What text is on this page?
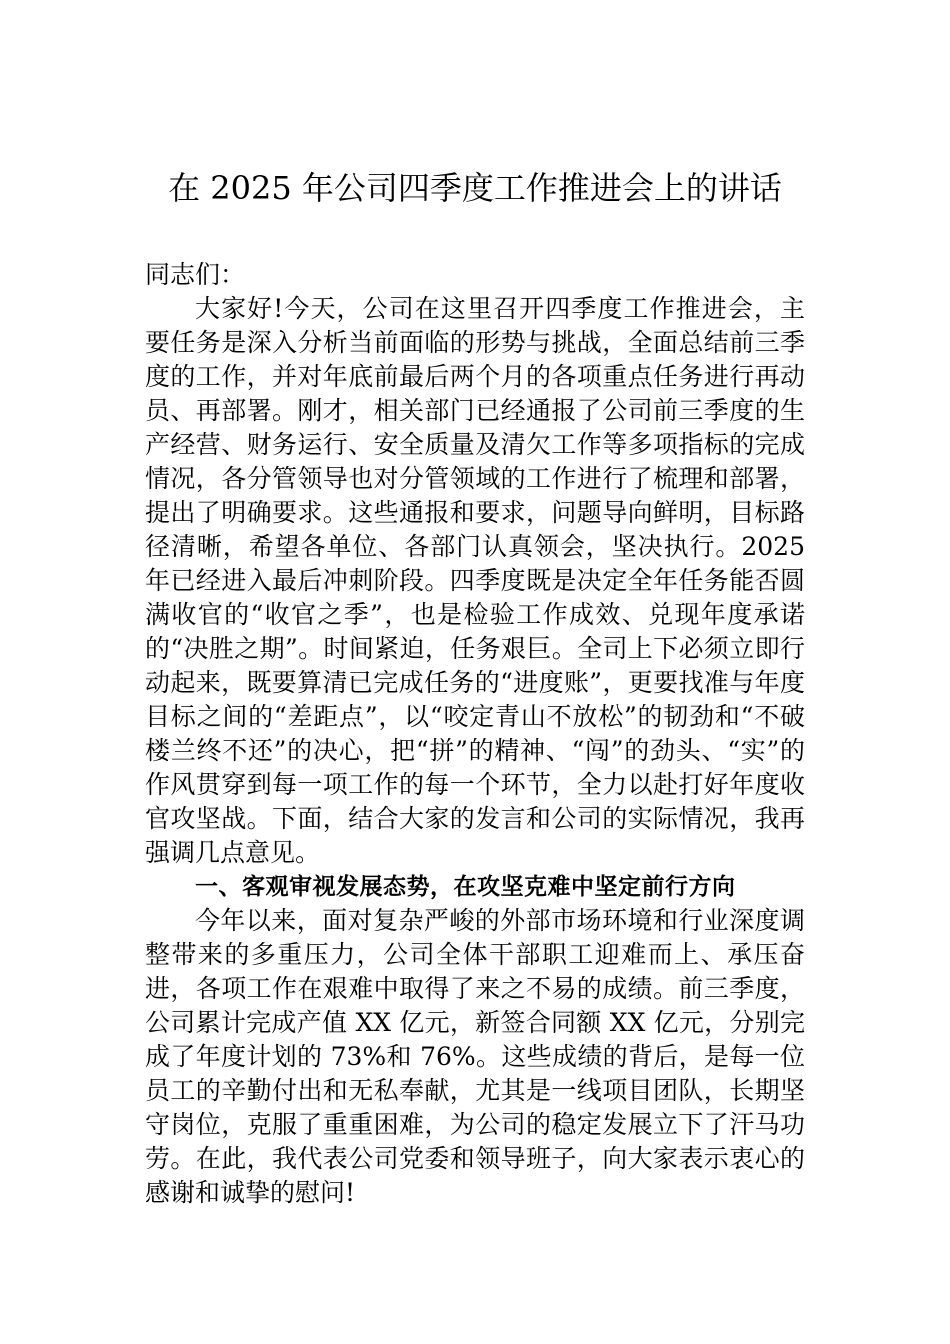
在 2025 年公司四季度工作推进会上的讲话

同志们：

大家好!今天，公司在这里召开四季度工作推进会，主要任务是深入分析当前面临的形势与挑战，全面总结前三季度的工作，并对年底前最后两个月的各项重点任务进行再动员、再部署。刚才，相关部门已经通报了公司前三季度的生产经营、财务运行、安全质量及清欠工作等多项指标的完成情况，各分管领导也对分管领域的工作进行了梳理和部署，提出了明确要求。这些通报和要求，问题导向鲜明，目标路径清晰，希望各单位、各部门认真领会，坚决执行。2025 年已经进入最后冲刺阶段。四季度既是决定全年任务能否圆满收官的“收官之季”，也是检验工作成效、兑现年度承诺的“决胜之期”。时间紧迫，任务艰巨。全司上下必须立即行动起来，既要算清已完成任务的“进度账”，更要找准与年度目标之间的“差距点”，以“咬定青山不放松”的韧劲和“不破楼兰终不还”的决心，把“拼”的精神、“闯”的劲头、“实”的作风贯穿到每一项工作的每一个环节，全力以赴打好年度收官攻坚战。下面，结合大家的发言和公司的实际情况，我再强调几点意见。

一、客观审视发展态势，在攻坚克难中坚定前行方向

今年以来，面对复杂严峻的外部市场环境和行业深度调整带来的多重压力，公司全体干部职工迎难而上、承压奋进，各项工作在艰难中取得了来之不易的成绩。前三季度，公司累计完成产值 XX 亿元，新签合同额 XX 亿元，分别完成了年度计划的 73%和 76%。这些成绩的背后，是每一位员工的辛勤付出和无私奉献，尤其是一线项目团队，长期坚守岗位，克服了重重困难，为公司的稳定发展立下了汗马功劳。在此，我代表公司党委和领导班子，向大家表示衷心的感谢和诚挚的慰问!
